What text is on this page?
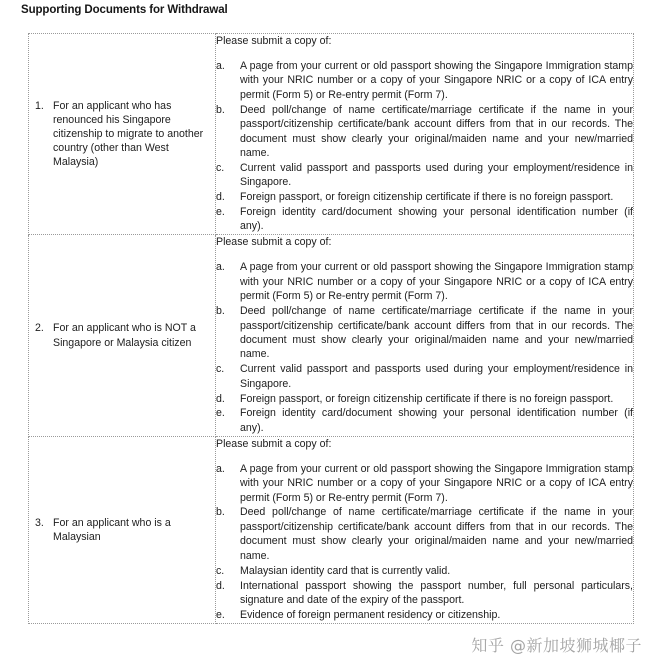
Supporting Documents for Withdrawal
1. For an applicant who has renounced his Singapore citizenship to migrate to another country (other than West Malaysia)

Please submit a copy of:
a.	A page from your current or old passport showing the Singapore Immigration stamp with your NRIC number or a copy of your Singapore NRIC or a copy of ICA entry permit (Form 5) or Re-entry permit (Form 7).
b.	Deed poll/change of name certificate/marriage certificate if the name in your passport/citizenship certificate/bank account differs from that in our records. The document must show clearly your original/maiden name and your new/married name.
c.	Current valid passport and passports used during your employment/residence in Singapore.
d.	Foreign passport, or foreign citizenship certificate if there is no foreign passport.
e.	Foreign identity card/document showing your personal identification number (if any).

2. For an applicant who is NOT a Singapore or Malaysia citizen

Please submit a copy of:
a.	A page from your current or old passport showing the Singapore Immigration stamp with your NRIC number or a copy of your Singapore NRIC or a copy of ICA entry permit (Form 5) or Re-entry permit (Form 7).
b.	Deed poll/change of name certificate/marriage certificate if the name in your passport/citizenship certificate/bank account differs from that in our records. The document must show clearly your original/maiden name and your new/married name.
c.	Current valid passport and passports used during your employment/residence in Singapore.
d.	Foreign passport, or foreign citizenship certificate if there is no foreign passport.
e.	Foreign identity card/document showing your personal identification number (if any).

3. For an applicant who is a Malaysian

Please submit a copy of:
a.	A page from your current or old passport showing the Singapore Immigration stamp with your NRIC number or a copy of your Singapore NRIC or a copy of ICA entry permit (Form 5) or Re-entry permit (Form 7).
b.	Deed poll/change of name certificate/marriage certificate if the name in your passport/citizenship certificate/bank account differs from that in our records. The document must show clearly your original/maiden name and your new/married name.
c.	Malaysian identity card that is currently valid.
d.	International passport showing the passport number, full personal particulars, signature and date of the expiry of the passport.
e.	Evidence of foreign permanent residency or citizenship.
知乎 @新加坡狮城椰子
